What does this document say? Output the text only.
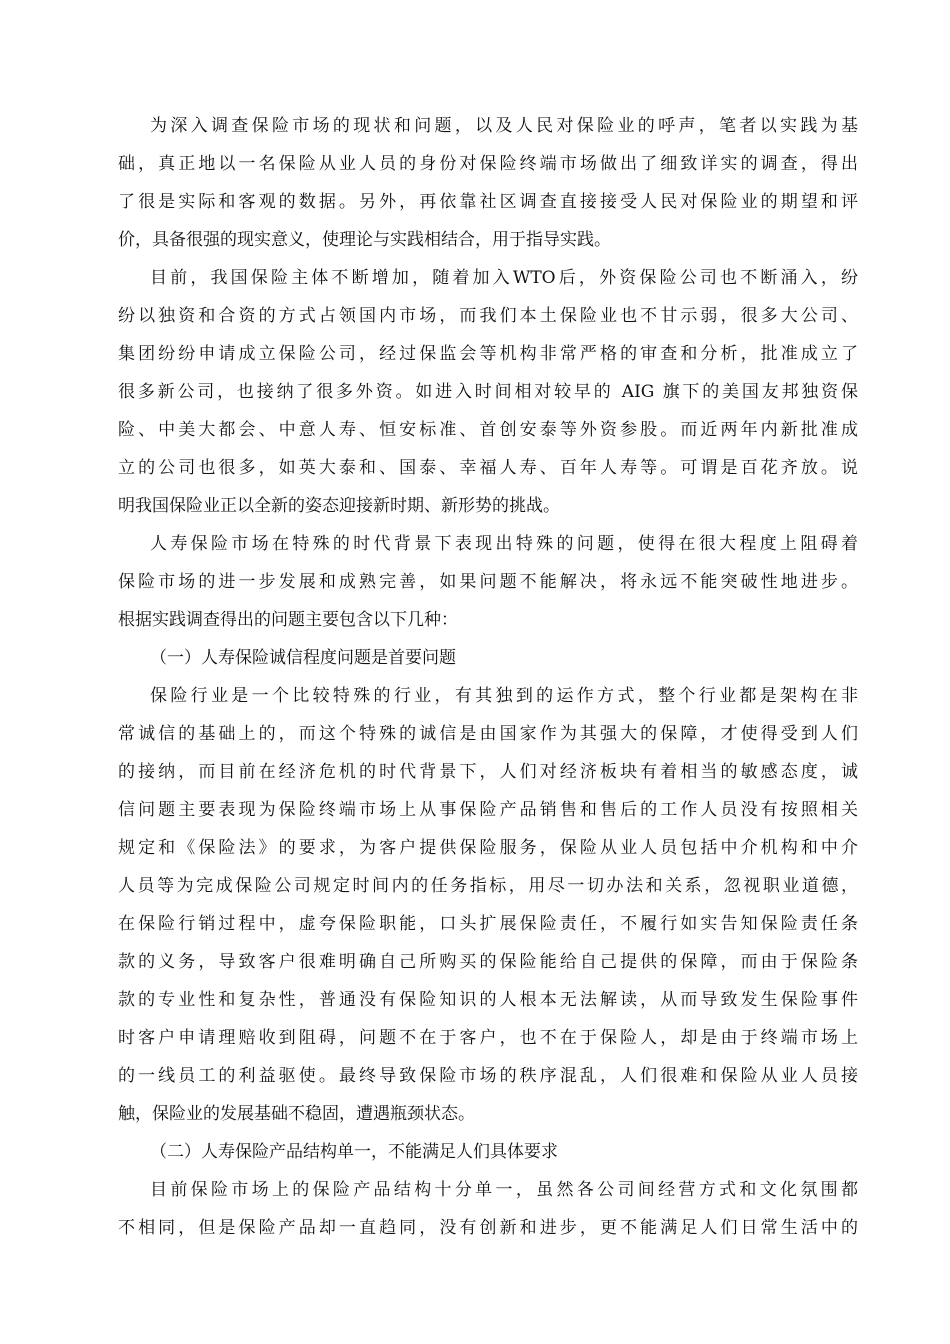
为深入调查保险市场的现状和问题，以及人民对保险业的呼声，笔者以实践为基
础，真正地以一名保险从业人员的身份对保险终端市场做出了细致详实的调查，得出
了很是实际和客观的数据。另外，再依靠社区调查直接接受人民对保险业的期望和评
价，具备很强的现实意义，使理论与实践相结合，用于指导实践。
目前，我国保险主体不断增加，随着加入WTO后，外资保险公司也不断涌入，纷
纷以独资和合资的方式占领国内市场，而我们本土保险业也不甘示弱，很多大公司、
集团纷纷申请成立保险公司，经过保监会等机构非常严格的审查和分析，批准成立了
很多新公司，也接纳了很多外资。如进入时间相对较早的 AIG 旗下的美国友邦独资保
险、中美大都会、中意人寿、恒安标准、首创安泰等外资参股。而近两年内新批准成
立的公司也很多，如英大泰和、国泰、幸福人寿、百年人寿等。可谓是百花齐放。说
明我国保险业正以全新的姿态迎接新时期、新形势的挑战。
人寿保险市场在特殊的时代背景下表现出特殊的问题，使得在很大程度上阻碍着
保险市场的进一步发展和成熟完善，如果问题不能解决，将永远不能突破性地进步。
根据实践调查得出的问题主要包含以下几种：
（一）人寿保险诚信程度问题是首要问题
保险行业是一个比较特殊的行业，有其独到的运作方式，整个行业都是架构在非
常诚信的基础上的，而这个特殊的诚信是由国家作为其强大的保障，才使得受到人们
的接纳，而目前在经济危机的时代背景下，人们对经济板块有着相当的敏感态度，诚
信问题主要表现为保险终端市场上从事保险产品销售和售后的工作人员没有按照相关
规定和《保险法》的要求，为客户提供保险服务，保险从业人员包括中介机构和中介
人员等为完成保险公司规定时间内的任务指标，用尽一切办法和关系，忽视职业道德，
在保险行销过程中，虚夸保险职能，口头扩展保险责任，不履行如实告知保险责任条
款的义务，导致客户很难明确自己所购买的保险能给自己提供的保障，而由于保险条
款的专业性和复杂性，普通没有保险知识的人根本无法解读，从而导致发生保险事件
时客户申请理赔收到阻碍，问题不在于客户，也不在于保险人，却是由于终端市场上
的一线员工的利益驱使。最终导致保险市场的秩序混乱，人们很难和保险从业人员接
触，保险业的发展基础不稳固，遭遇瓶颈状态。
（二）人寿保险产品结构单一，不能满足人们具体要求
目前保险市场上的保险产品结构十分单一，虽然各公司间经营方式和文化氛围都
不相同，但是保险产品却一直趋同，没有创新和进步，更不能满足人们日常生活中的
